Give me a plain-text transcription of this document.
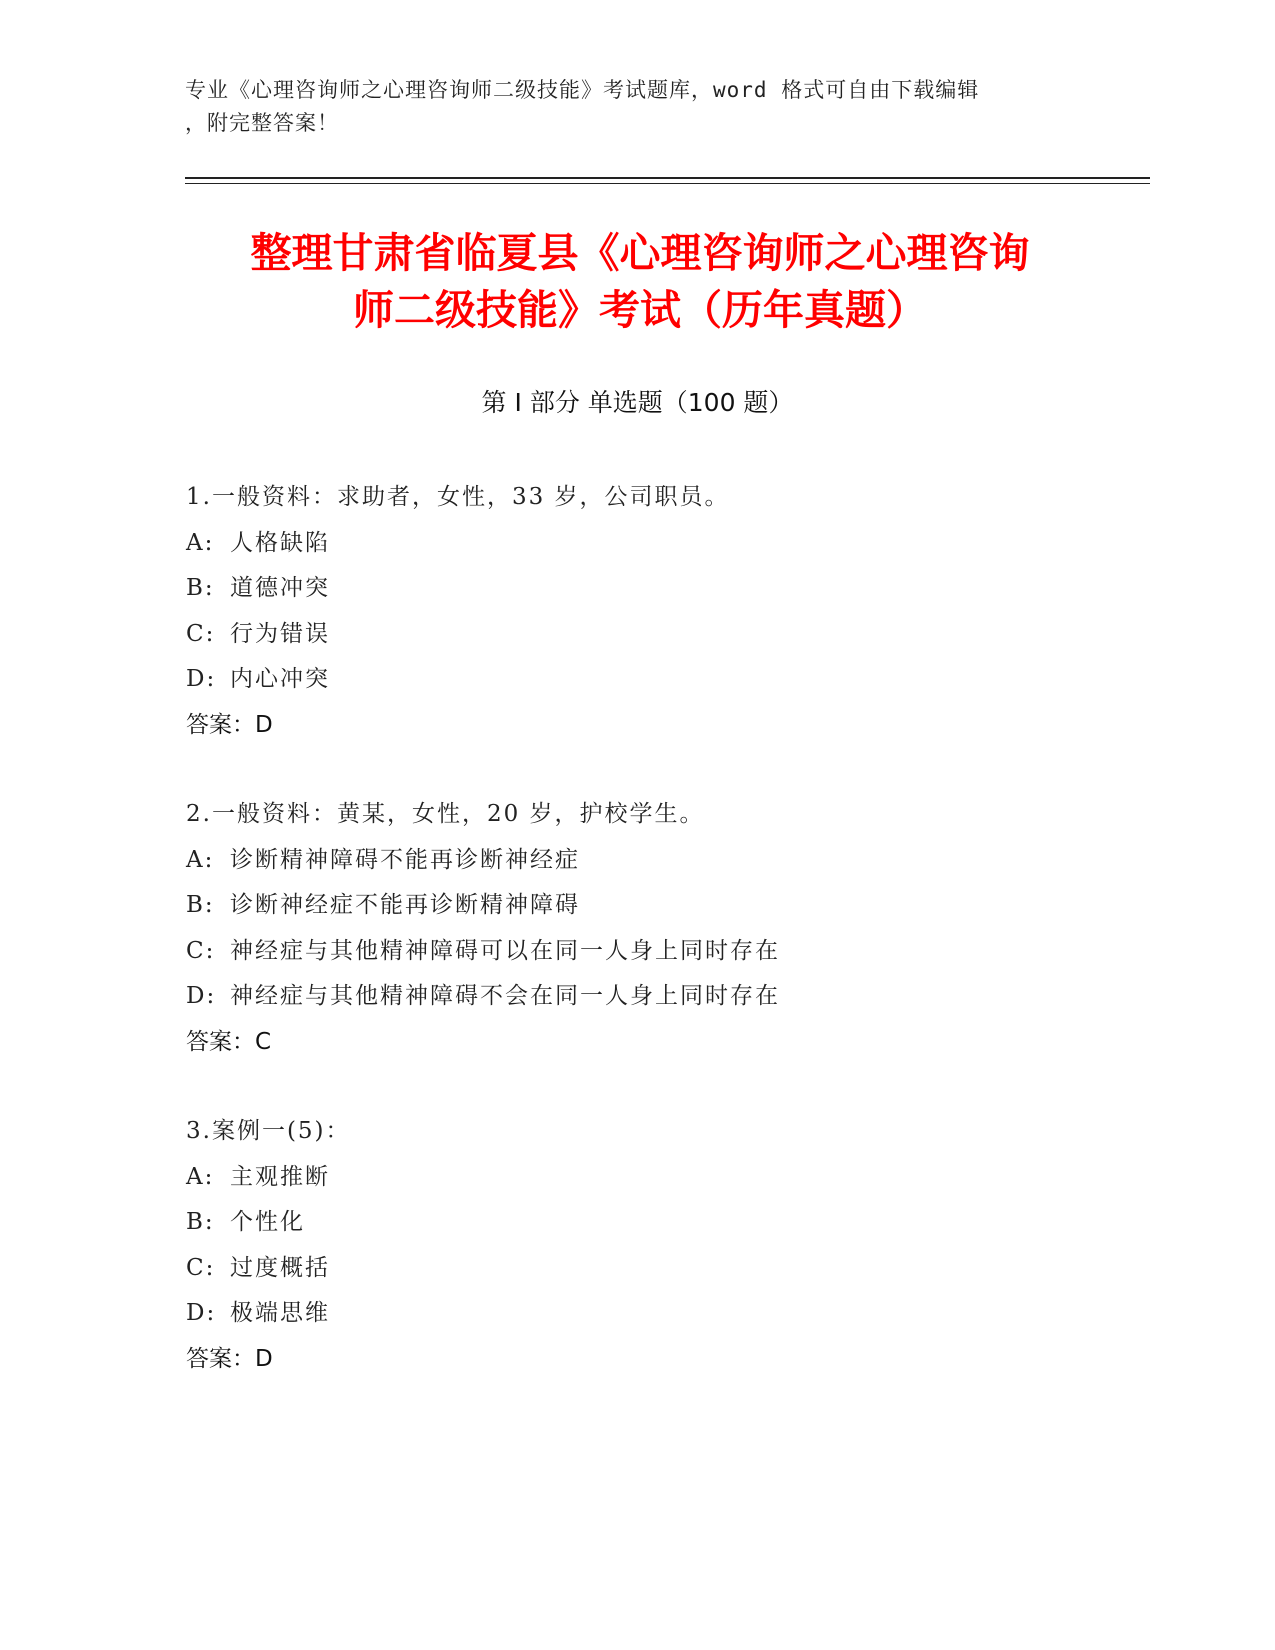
专业《心理咨询师之心理咨询师二级技能》考试题库，word 格式可自由下载编辑
，附完整答案！
整理甘肃省临夏县《心理咨询师之心理咨询
师二级技能》考试（历年真题）
第 I 部分 单选题（100 题）
1.一般资料：求助者，女性，33 岁，公司职员。
A: 人格缺陷
B: 道德冲突
C: 行为错误
D: 内心冲突
答案：D
2.一般资料：黄某，女性，20 岁，护校学生。
A: 诊断精神障碍不能再诊断神经症
B: 诊断神经症不能再诊断精神障碍
C: 神经症与其他精神障碍可以在同一人身上同时存在
D: 神经症与其他精神障碍不会在同一人身上同时存在
答案：C
3.案例一(5)：
A: 主观推断
B: 个性化
C: 过度概括
D: 极端思维
答案：D
